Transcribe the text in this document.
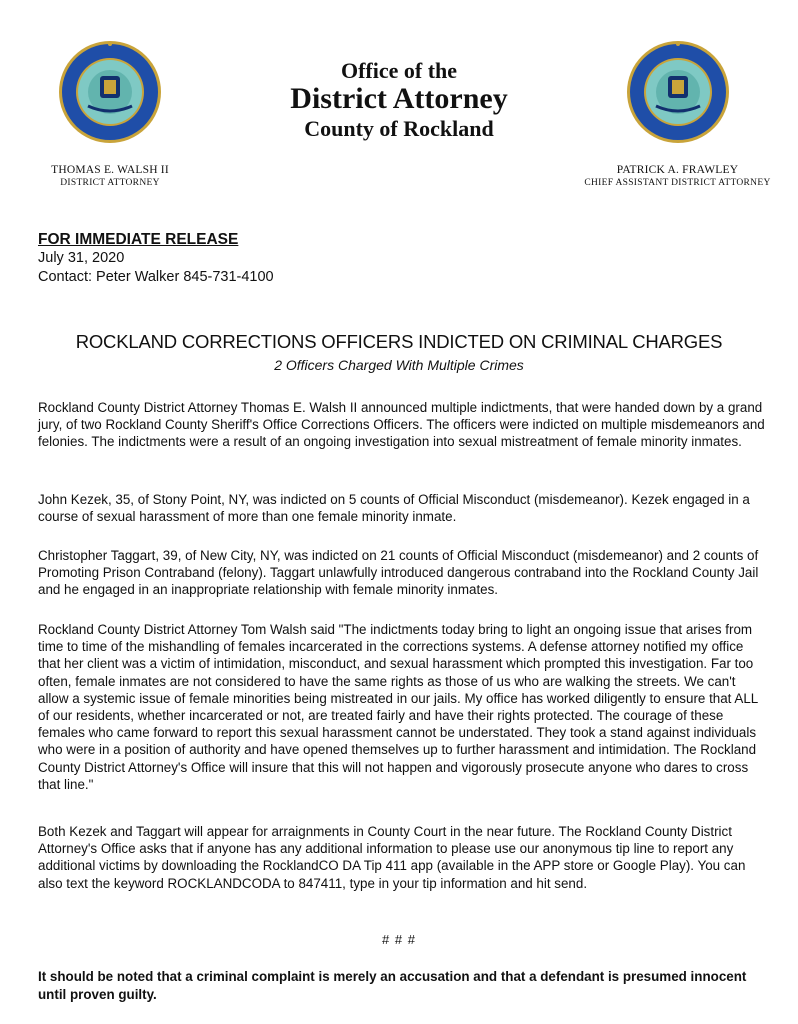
Office of the
District Attorney
County of Rockland
THOMAS E. WALSH II
DISTRICT ATTORNEY
PATRICK A. FRAWLEY
CHIEF ASSISTANT DISTRICT ATTORNEY
FOR IMMEDIATE RELEASE
July 31, 2020
Contact: Peter Walker 845-731-4100
ROCKLAND CORRECTIONS OFFICERS INDICTED ON CRIMINAL CHARGES
2 Officers Charged With Multiple Crimes

Rockland County District Attorney Thomas E. Walsh II announced multiple indictments, that were handed down by a grand jury, of two Rockland County Sheriff's Office Corrections Officers. The officers were indicted on multiple misdemeanors and felonies. The indictments were a result of an ongoing investigation into sexual mistreatment of female minority inmates.

John Kezek, 35, of Stony Point, NY, was indicted on 5 counts of Official Misconduct (misdemeanor). Kezek engaged in a course of sexual harassment of more than one female minority inmate.

Christopher Taggart, 39, of New City, NY, was indicted on 21 counts of Official Misconduct (misdemeanor) and 2 counts of Promoting Prison Contraband (felony). Taggart unlawfully introduced dangerous contraband into the Rockland County Jail and he engaged in an inappropriate relationship with female minority inmates.

Rockland County District Attorney Tom Walsh said "The indictments today bring to light an ongoing issue that arises from time to time of the mishandling of females incarcerated in the corrections systems. A defense attorney notified my office that her client was a victim of intimidation, misconduct, and sexual harassment which prompted this investigation. Far too often, female inmates are not considered to have the same rights as those of us who are walking the streets. We can't allow a systemic issue of female minorities being mistreated in our jails. My office has worked diligently to ensure that ALL of our residents, whether incarcerated or not, are treated fairly and have their rights protected. The courage of these females who came forward to report this sexual harassment cannot be understated. They took a stand against individuals who were in a position of authority and have opened themselves up to further harassment and intimidation. The Rockland County District Attorney's Office will insure that this will not happen and vigorously prosecute anyone who dares to cross that line."

Both Kezek and Taggart will appear for arraignments in County Court in the near future. The Rockland County District Attorney's Office asks that if anyone has any additional information to please use our anonymous tip line to report any additional victims by downloading the RocklandCO DA Tip 411 app (available in the APP store or Google Play). You can also text the keyword ROCKLANDCODA to 847411, type in your tip information and hit send.

# # #
It should be noted that a criminal complaint is merely an accusation and that a defendant is presumed innocent until proven guilty.
